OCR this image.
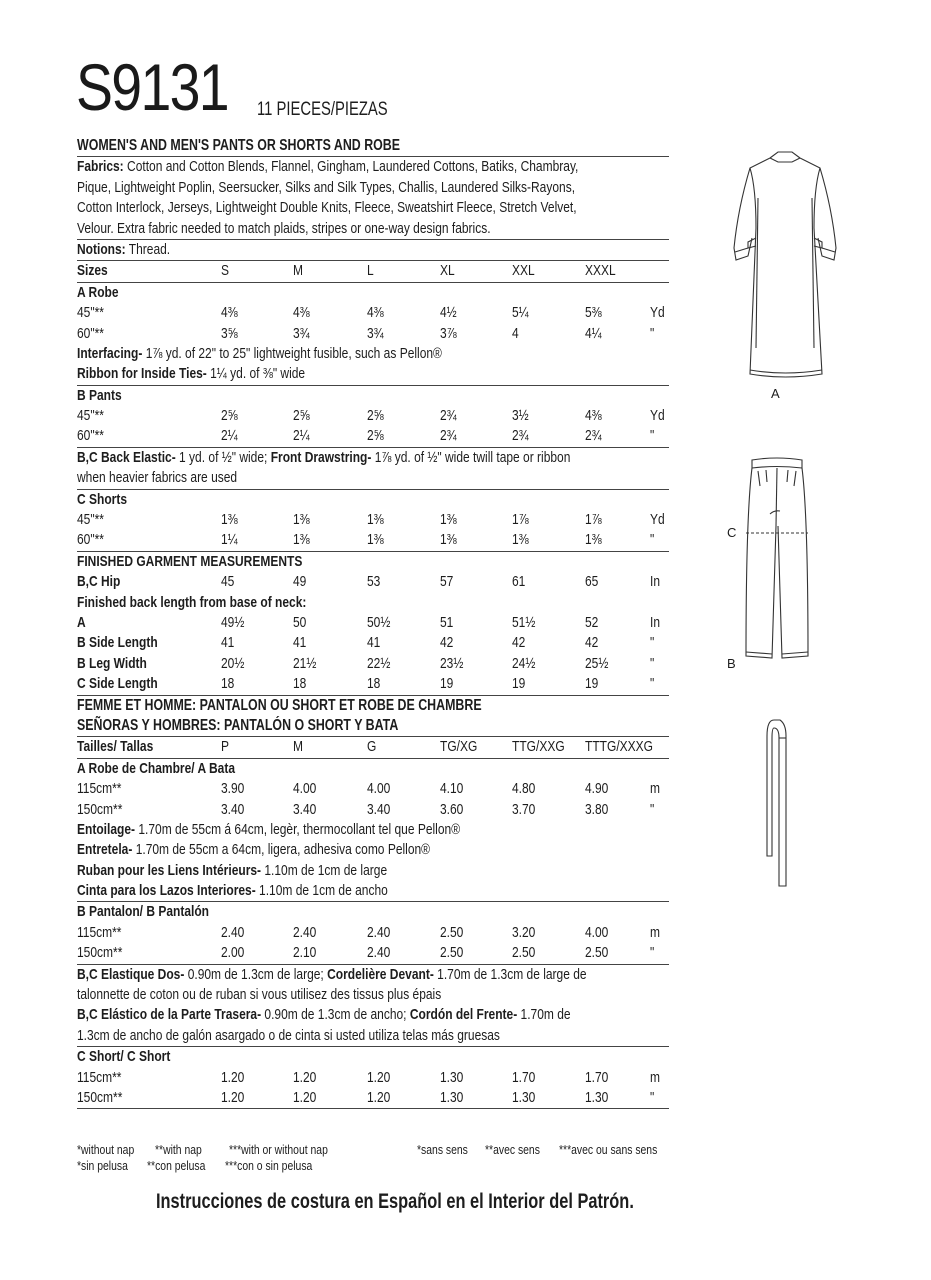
S9131 11 PIECES/PIEZAS
WOMEN'S AND MEN'S PANTS OR SHORTS AND ROBE
Fabrics: Cotton and Cotton Blends, Flannel, Gingham, Laundered Cottons, Batiks, Chambray,
Pique, Lightweight Poplin, Seersucker, Silks and Silk Types, Challis, Laundered Silks-Rayons,
Cotton Interlock, Jerseys, Lightweight Double Knits, Fleece, Sweatshirt Fleece, Stretch Velvet,
Velour. Extra fabric needed to match plaids, stripes or one-way design fabrics.
Notions: Thread.
Sizes	S	M	L	XL	XXL	XXXL
A Robe
45"**	4⅜	4⅜	4⅜	4½	5¼	5⅜	Yd
60"**	3⅝	3¾	3¾	3⅞	4	4¼	"
Interfacing- 1⅞ yd. of 22" to 25" lightweight fusible, such as Pellon®
Ribbon for Inside Ties- 1¼ yd. of ⅜" wide
B Pants
45"**	2⅝	2⅝	2⅝	2¾	3½	4⅜	Yd
60"**	2¼	2¼	2⅝	2¾	2¾	2¾	"
B,C Back Elastic- 1 yd. of ½" wide; Front Drawstring- 1⅞ yd. of ½" wide twill tape or ribbon
when heavier fabrics are used
C Shorts
45"**	1⅜	1⅜	1⅜	1⅜	1⅞	1⅞	Yd
60"**	1¼	1⅜	1⅜	1⅜	1⅜	1⅜	"
FINISHED GARMENT MEASUREMENTS
B,C Hip	45	49	53	57	61	65	In
Finished back length from base of neck:
A	49½	50	50½	51	51½	52	In
B Side Length	41	41	41	42	42	42	"
B Leg Width	20½	21½	22½	23½	24½	25½	"
C Side Length	18	18	18	19	19	19	"
FEMME ET HOMME: PANTALON OU SHORT ET ROBE DE CHAMBRE
SEÑORAS Y HOMBRES: PANTALÓN O SHORT Y BATA
Tailles/ Tallas	P	M	G	TG/XG TTG/XXG TTTG/XXXG
A Robe de Chambre/ A Bata
115cm**	3.90	4.00	4.00	4.10	4.80	4.90	m
150cm**	3.40	3.40	3.40	3.60	3.70	3.80	"
Entoilage- 1.70m de 55cm á 64cm, legèr, thermocollant tel que Pellon®
Entretela- 1.70m de 55cm a 64cm, ligera, adhesiva como Pellon®
Ruban pour les Liens Intérieurs- 1.10m de 1cm de large
Cinta para los Lazos Interiores- 1.10m de 1cm de ancho
B Pantalon/ B Pantalón
115cm**	2.40	2.40	2.40	2.50	3.20	4.00	m
150cm**	2.00	2.10	2.40	2.50	2.50	2.50	"
B,C Elastique Dos- 0.90m de 1.3cm de large; Cordelière Devant- 1.70m de 1.3cm de large de
talonnette de coton ou de ruban si vous utilisez des tissus plus épais
B,C Elástico de la Parte Trasera- 0.90m de 1.3cm de ancho; Cordón del Frente- 1.70m de
1.3cm de ancho de galón asargado o de cinta si usted utiliza telas más gruesas
C Short/ C Short
115cm**	1.20	1.20	1.20	1.30	1.70	1.70	m
150cm**	1.20	1.20	1.20	1.30	1.30	1.30	"
*without nap **with nap ***with or without nap	*sans sens **avec sens ***avec ou sans sens
*sin pelusa **con pelusa ***con o sin pelusa
Instrucciones de costura en Español en el Interior del Patrón.
A
C
B
